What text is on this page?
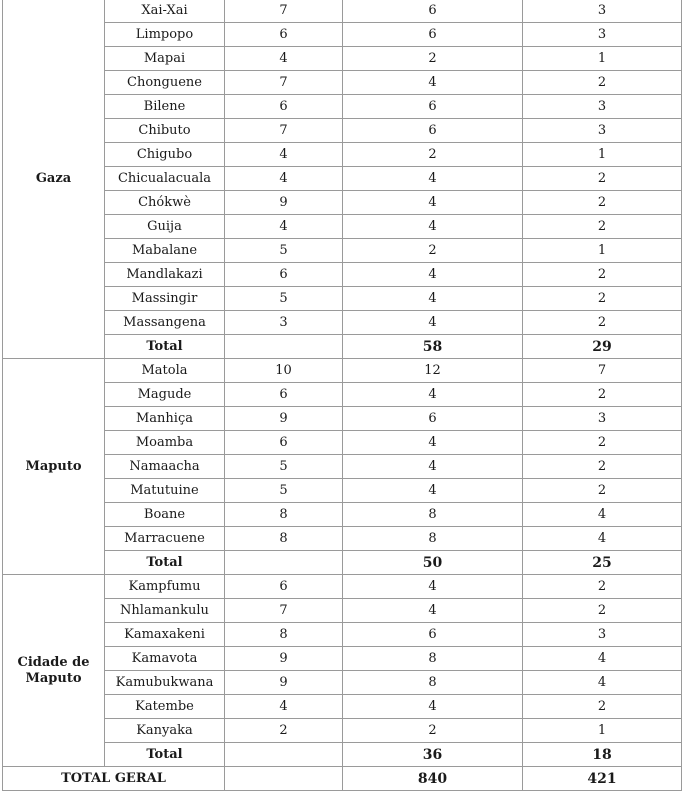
Gaza	Xai-Xai	7	6	3
	Limpopo	6	6	3
	Mapai	4	2	1
	Chonguene	7	4	2
	Bilene	6	6	3
	Chibuto	7	6	3
	Chigubo	4	2	1
	Chicualacuala	4	4	2
	Chókwè	9	4	2
	Guija	4	4	2
	Mabalane	5	2	1
	Mandlakazi	6	4	2
	Massingir	5	4	2
	Massangena	3	4	2
	Total		58	29
Maputo	Matola	10	12	7
	Magude	6	4	2
	Manhiça	9	6	3
	Moamba	6	4	2
	Namaacha	5	4	2
	Matutuine	5	4	2
	Boane	8	8	4
	Marracuene	8	8	4
	Total		50	25
Cidade de Maputo	Kampfumu	6	4	2
	Nhlamankulu	7	4	2
	Kamaxakeni	8	6	3
	Kamavota	9	8	4
	Kamubukwana	9	8	4
	Katembe	4	4	2
	Kanyaka	2	2	1
	Total		36	18
TOTAL GERAL			840	421
